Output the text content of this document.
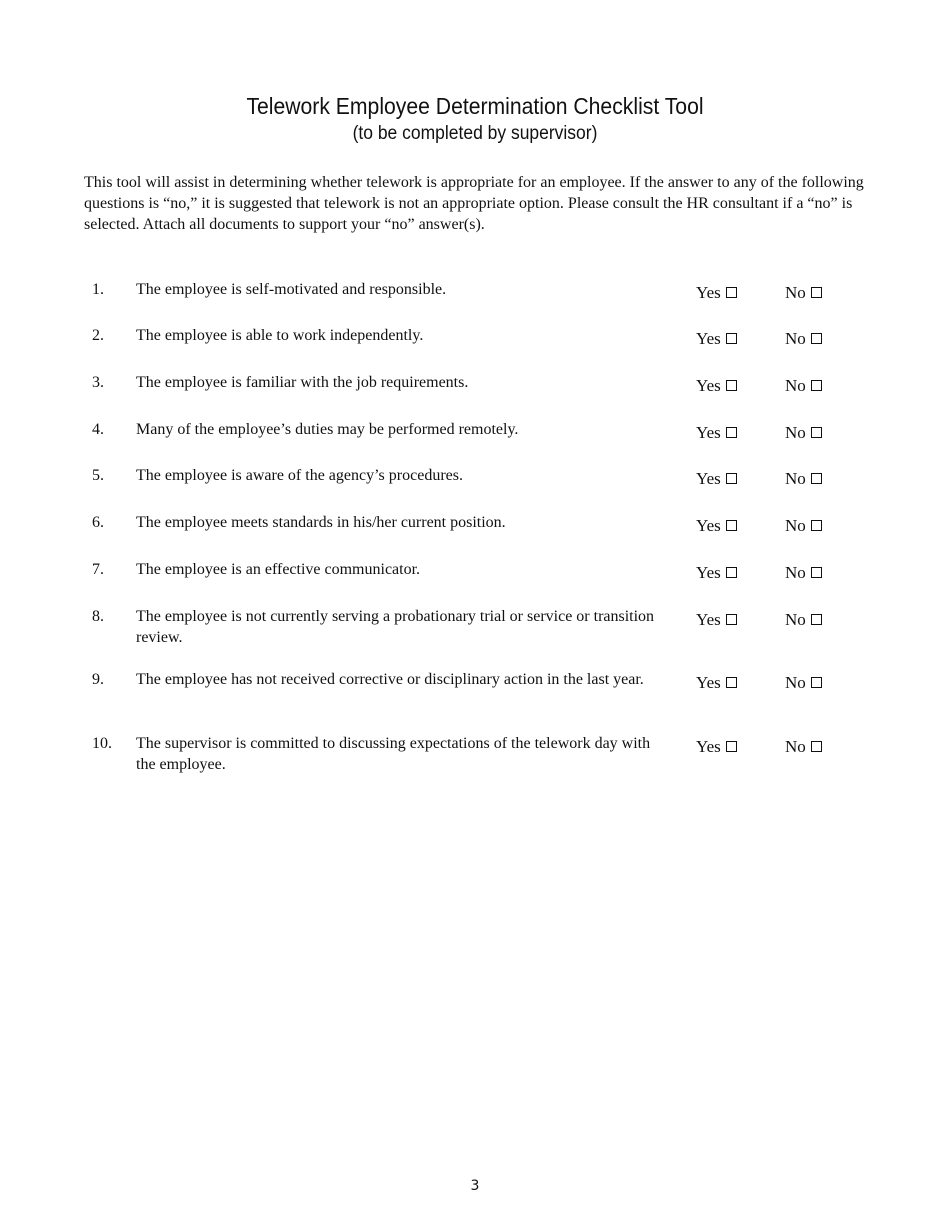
Telework Employee Determination Checklist Tool
(to be completed by supervisor)
This tool will assist in determining whether telework is appropriate for an employee. If the answer to any of the following questions is “no,” it is suggested that telework is not an appropriate option. Please consult the HR consultant if a “no” is selected. Attach all documents to support your “no” answer(s).
1. The employee is self-motivated and responsible.	Yes	No
2. The employee is able to work independently.	Yes	No
3. The employee is familiar with the job requirements.	Yes	No
4. Many of the employee’s duties may be performed remotely.	Yes	No
5. The employee is aware of the agency’s procedures.	Yes	No
6. The employee meets standards in his/her current position.	Yes	No
7. The employee is an effective communicator.	Yes	No
8. The employee is not currently serving a probationary trial or service or transition review.
Yes	No
9. The employee has not received corrective or disciplinary action in the last year.	Yes	No
10. The supervisor is committed to discussing expectations of the telework day with the employee.
Yes	No
3
